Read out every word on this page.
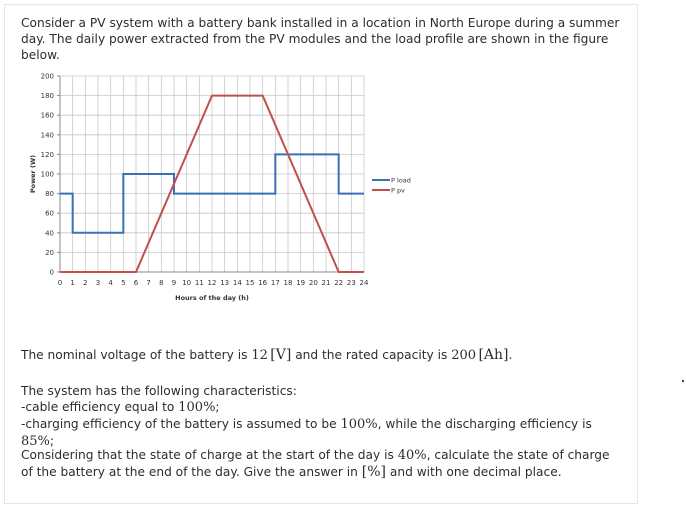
Consider a PV system with a battery bank installed in a location in North Europe during a summer day. The daily power extracted from the PV modules and the load profile are shown in the figure below.

0
20
40
60
80
100
120
140
160
180
200
0 1 2 3 4 5 6 7 8 9 10 11 12 13 14 15 16 17 18 19 20 21 22 23 24
Hours of the day (h)
Power (W)	P load
P pv

The nominal voltage of the battery is 12  [V] and the rated capacity is 200  [Ah].

The system has the following characteristics:
-cable efficiency equal to 100%;
-charging efficiency of the battery is assumed to be 100%, while the discharging efficiency is 85%;

Considering that the state of charge at the start of the day is 40%, calculate the state of charge of the battery at the end of the day. Give the answer in [%] and with one decimal place.
